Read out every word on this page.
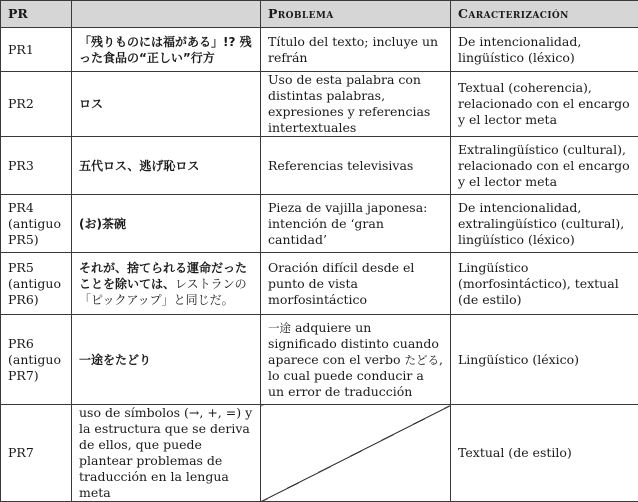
PR		Problema	Caracterización
PR1	「残りものには福がある」!? 残った食品の“正しい”行方	Título del texto; incluye un refrán	De intencionalidad, lingüístico (léxico)
PR2	ロス	Uso de esta palabra con distintas palabras, expresiones y referencias intertextuales	Textual (coherencia), relacionado con el encargo y el lector meta
PR3	五代ロス、逃げ恥ロス	Referencias televisivas	Extralingüístico (cultural), relacionado con el encargo y el lector meta
PR4 (antiguo PR5)	(お)茶碗	Pieza de vajilla japonesa: intención de ‘gran cantidad’	De intencionalidad, extralingüístico (cultural), lingüístico (léxico)
PR5 (antiguo PR6)	それが、捨てられる運命だったことを除いては、レストランの「ピックアップ」と同じだ。	Oración difícil desde el punto de vista morfosintáctico	Lingüístico (morfosintáctico), textual (de estilo)
PR6 (antiguo PR7)	一途をたどり	一途 adquiere un significado distinto cuando aparece con el verbo たどる, lo cual puede conducir a un error de traducción	Lingüístico (léxico)
PR7	uso de símbolos (→, +, =) y la estructura que se deriva de ellos, que puede plantear problemas de traducción en la lengua meta		Textual (de estilo)
